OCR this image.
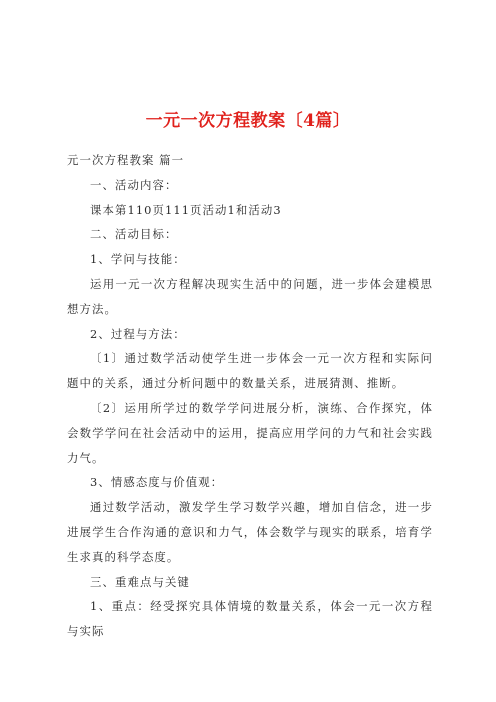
一元一次方程教案〔4篇〕

元一次方程教案 篇一

一、活动内容：

课本第110页111页活动1和活动3

二、活动目标：

1、学问与技能：

运用一元一次方程解决现实生活中的问题，进一步体会建模思想方法。

2、过程与方法：

〔1〕通过数学活动使学生进一步体会一元一次方程和实际问题中的关系，通过分析问题中的数量关系，进展猜测、推断。

〔2〕运用所学过的数学学问进展分析，演练、合作探究，体会数学学问在社会活动中的运用，提高应用学问的力气和社会实践力气。

3、情感态度与价值观：

通过数学活动，激发学生学习数学兴趣，增加自信念，进一步进展学生合作沟通的意识和力气，体会数学与现实的联系，培育学生求真的科学态度。

三、重难点与关键

1、重点：经受探究具体情境的数量关系，体会一元一次方程与实际
